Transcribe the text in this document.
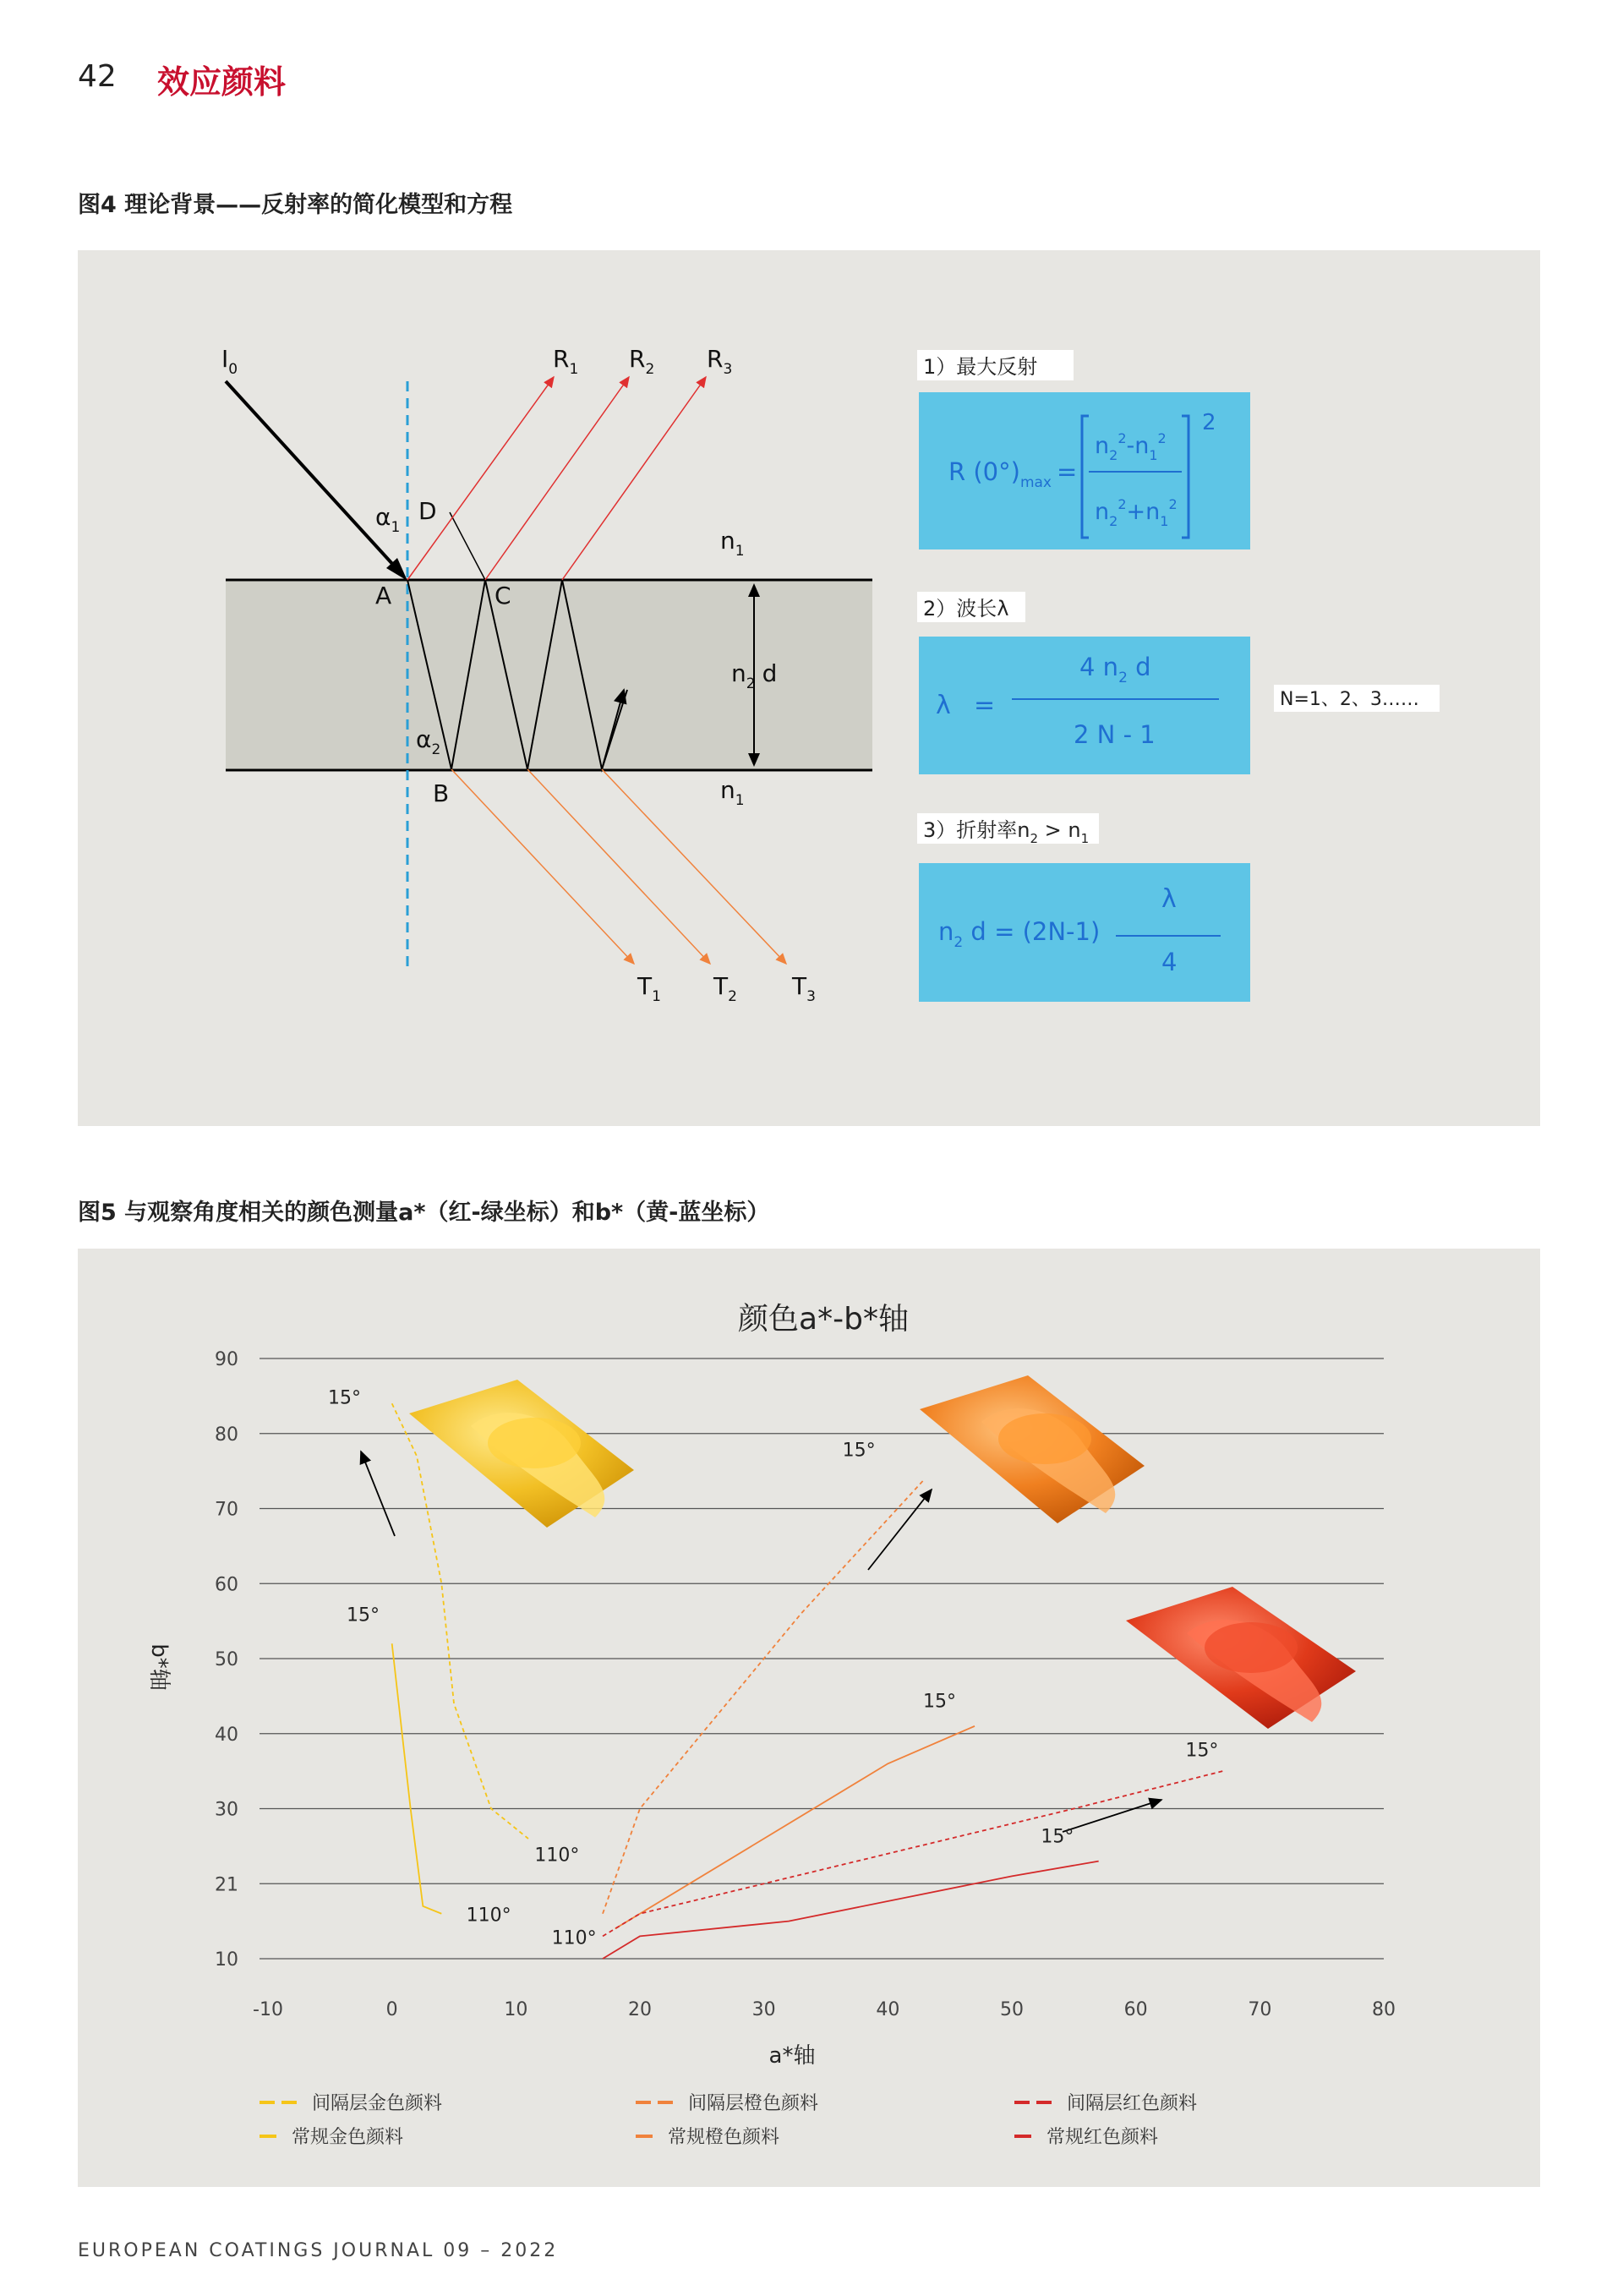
42 效应颜料
图4 理论背景——反射率的简化模型和方程
$I_0$	$R_1$ $R_2$ $R_3$
$\alpha_1$
D
A	C
$\alpha_2$
B
$n_1$
$n_2$ d
$n_1$
$T_1$ $T_2$ $T_3$
1）最大反射
R $(0^\circ)_{max}$ =
$n_2^2-n_1^2$
$n_2^2+n_1^2$
2
2）波长λ
λ =
4 $n_2$ d
2 N - 1
N=1、2、3……
3）折射率$n_2 > n_1$
$n_2$ d = (2N-1)
λ
4
图5 与观察角度相关的颜色测量a*（红-绿坐标）和b*（黄-蓝坐标）
颜色a*-b*轴
10
21
30
40
50
60
70
80
90
-10	0	10	20	30	40	50	60	70	80
a*轴
b*轴
15°
110°
15°
110°
15°
110°
15°
15°
15°
间隔层金色颜料
常规金色颜料
间隔层橙色颜料
常规橙色颜料
间隔层红色颜料
常规红色颜料
EUROPEAN COATINGS JOURNAL 09 – 2022
